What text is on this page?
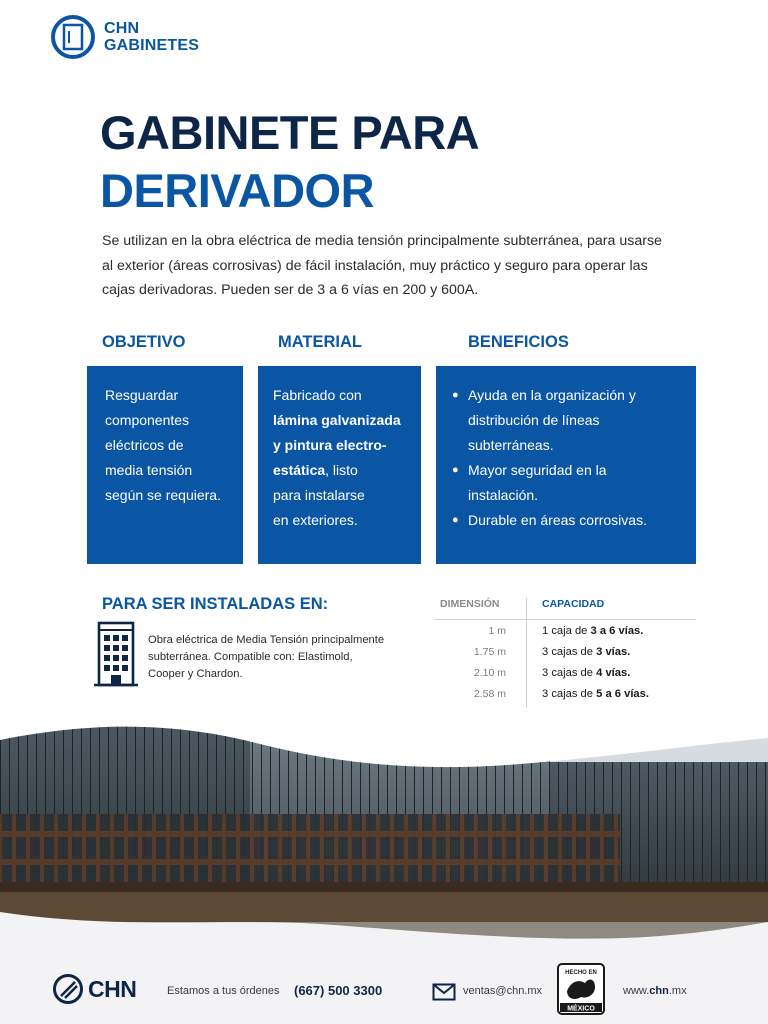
CHN
GABINETES
GABINETE PARA
DERIVADOR

Se utilizan en la obra eléctrica de media tensión principalmente subterránea, para usarse al exterior (áreas corrosivas) de fácil instalación, muy práctico y seguro para operar las cajas derivadoras. Pueden ser de 3 a 6 vías en 200 y 600A.

OBJETIVO	MATERIAL	BENEFICIOS
Resguardar
componentes
eléctricos de
media tensión
según se requiera.
Fabricado con
lámina galvanizada
y pintura electro-
estática, listo
para instalarse
en exteriores.
● Ayuda en la organización y distribución de líneas subterráneas.
● Mayor seguridad en la instalación.
● Durable en áreas corrosivas.
PARA SER INSTALADAS EN:

Obra eléctrica de Media Tensión principalmente subterránea. Compatible con: Elastimold, Cooper y Chardon.

DIMENSIÓN	CAPACIDAD
1 m	1 caja de 3 a 6 vías.
1.75 m	3 cajas de 3 vías.
2.10 m	3 cajas de 4 vías.
2.58 m	3 cajas de 5 a 6 vías.
CHN	Estamos a tus órdenes (667) 500 3300	ventas@chn.mx
HECHO EN
MÉXICO
www.chn.mx
